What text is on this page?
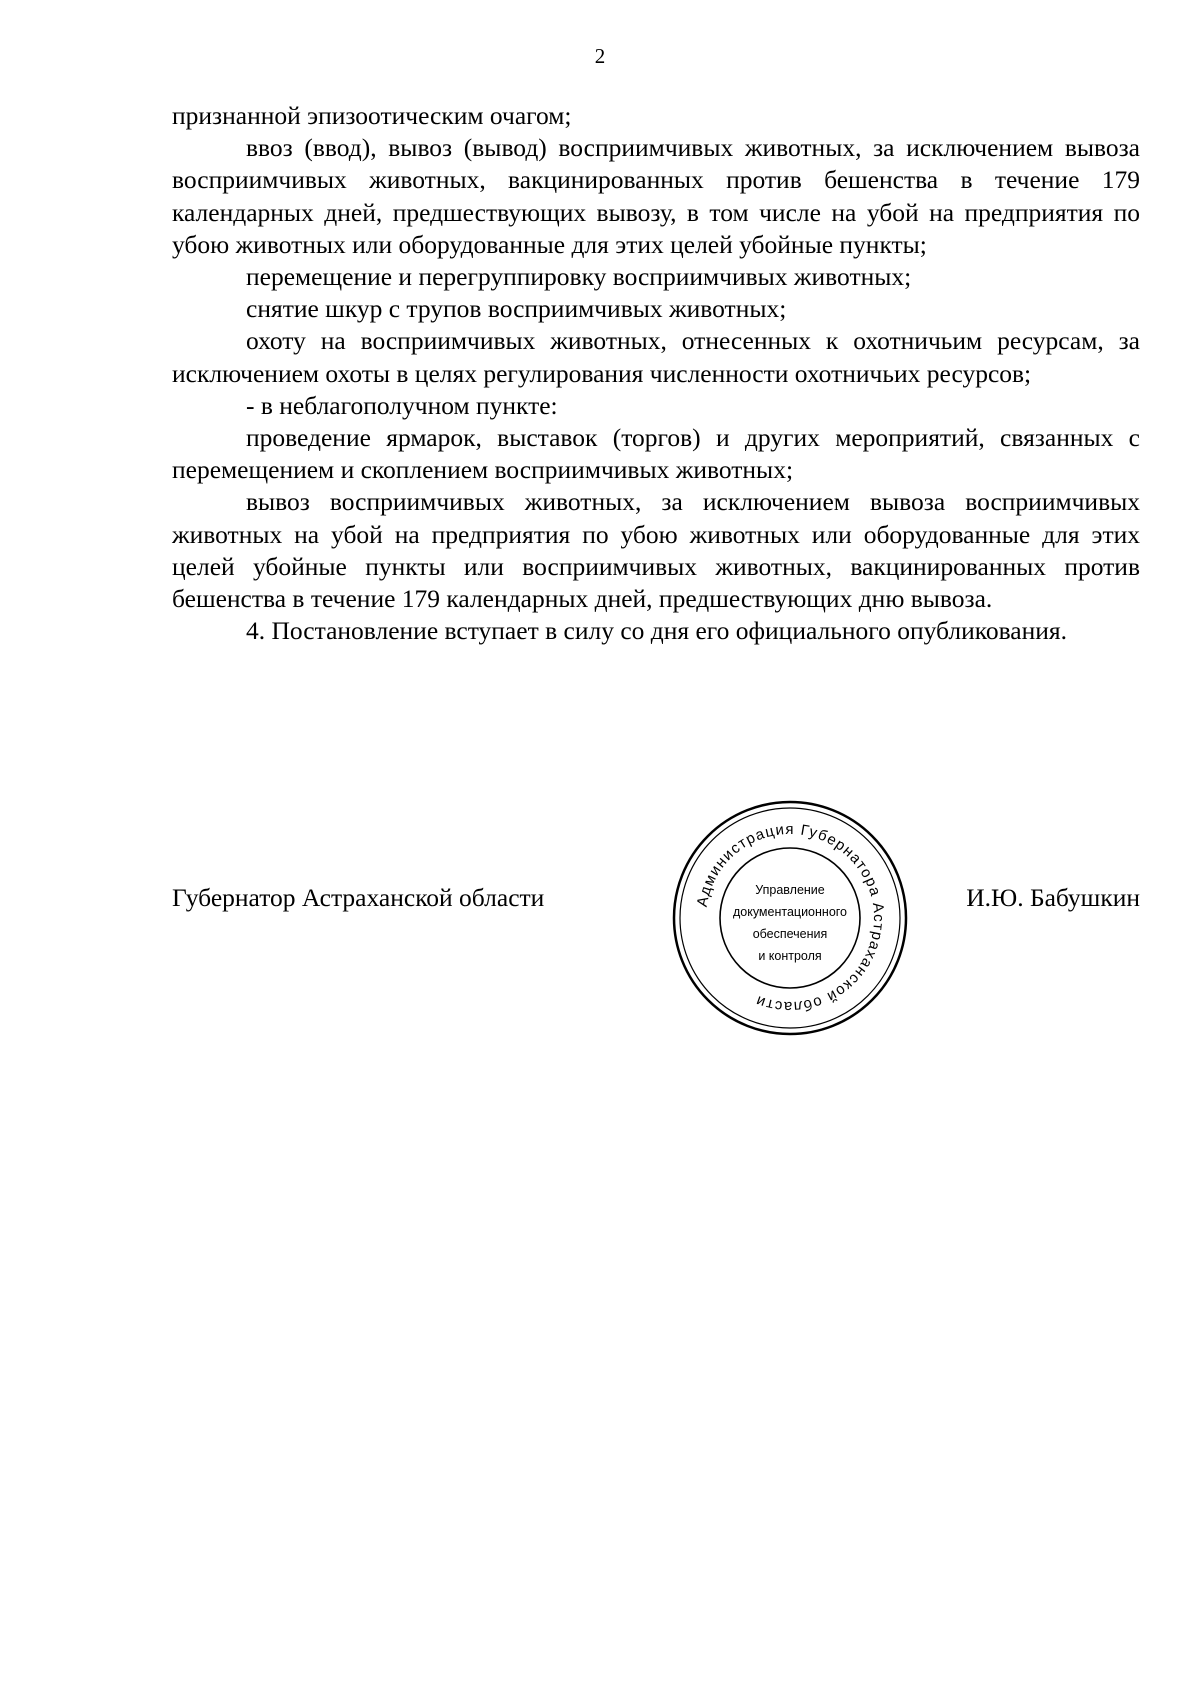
2

признанной эпизоотическим очагом;

ввоз (ввод), вывоз (вывод) восприимчивых животных, за исключением вывоза восприимчивых животных, вакцинированных против бешенства в течение 179 календарных дней, предшествующих вывозу, в том числе на убой на предприятия по убою животных или оборудованные для этих целей убойные пункты;

перемещение и перегруппировку восприимчивых животных;

снятие шкур с трупов восприимчивых животных;

охоту на восприимчивых животных, отнесенных к охотничьим ресурсам, за исключением охоты в целях регулирования численности охотничьих ресурсов;

- в неблагополучном пункте:

проведение ярмарок, выставок (торгов) и других мероприятий, связанных с перемещением и скоплением восприимчивых животных;

вывоз восприимчивых животных, за исключением вывоза восприимчивых животных на убой на предприятия по убою животных или оборудованные для этих целей убойные пункты или восприимчивых животных, вакцинированных против бешенства в течение 179 календарных дней, предшествующих дню вывоза.

4. Постановление вступает в силу со дня его официального опубликования.

Губернатор Астраханской области	И.Ю. Бабушкин
Администрация Губернатора Астраханской области
Управление
документационного
обеспечения
и контроля
